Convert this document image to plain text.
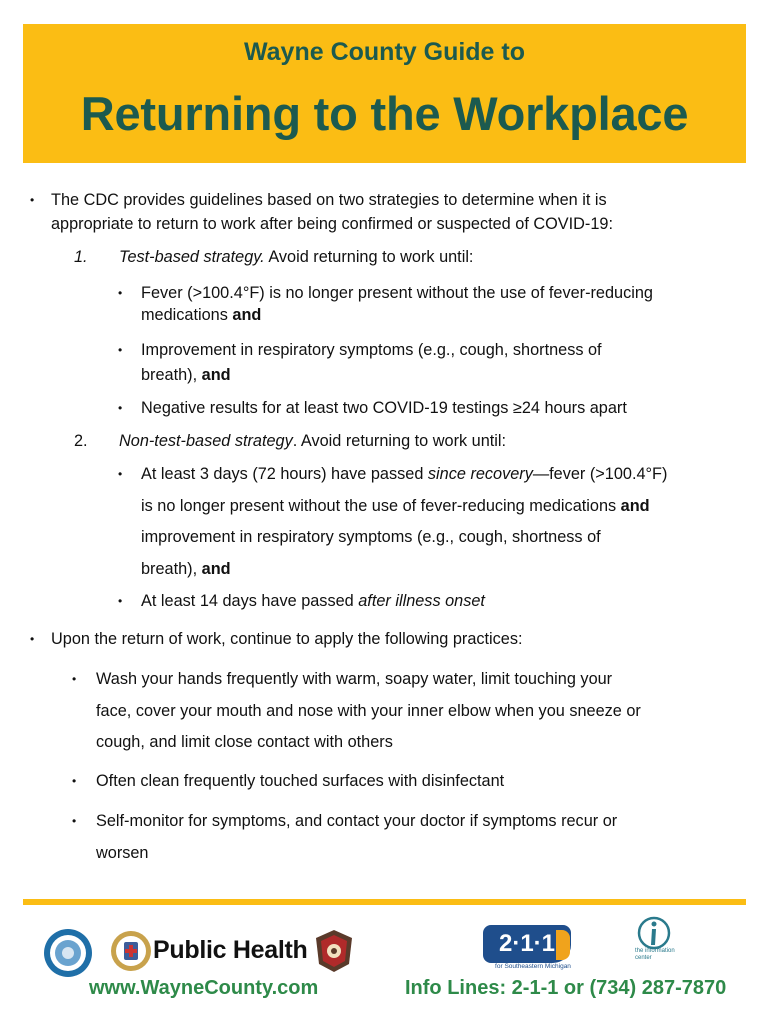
Wayne County Guide to
Returning to the Workplace
• The CDC provides guidelines based on two strategies to determine when it is
appropriate to return to work after being confirmed or suspected of COVID-19:
1. Test-based strategy. Avoid returning to work until:
• Fever (>100.4°F) is no longer present without the use of fever-reducing
medications and
• Improvement in respiratory symptoms (e.g., cough, shortness of
breath), and
• Negative results for at least two COVID-19 testings ≥24 hours apart
2. Non-test-based strategy. Avoid returning to work until:
• At least 3 days (72 hours) have passed since recovery—fever (>100.4°F)
is no longer present without the use of fever-reducing medications and
improvement in respiratory symptoms (e.g., cough, shortness of
breath), and
• At least 14 days have passed after illness onset
• Upon the return of work, continue to apply the following practices:
• Wash your hands frequently with warm, soapy water, limit touching your
face, cover your mouth and nose with your inner elbow when you sneeze or
cough, and limit close contact with others
• Often clean frequently touched surfaces with disinfectant
• Self-monitor for symptoms, and contact your doctor if symptoms recur or
worsen
Public Health	2·1·1
for Southeastern Michigan
the information center
www.WayneCounty.com	Info Lines: 2-1-1 or (734) 287-7870
